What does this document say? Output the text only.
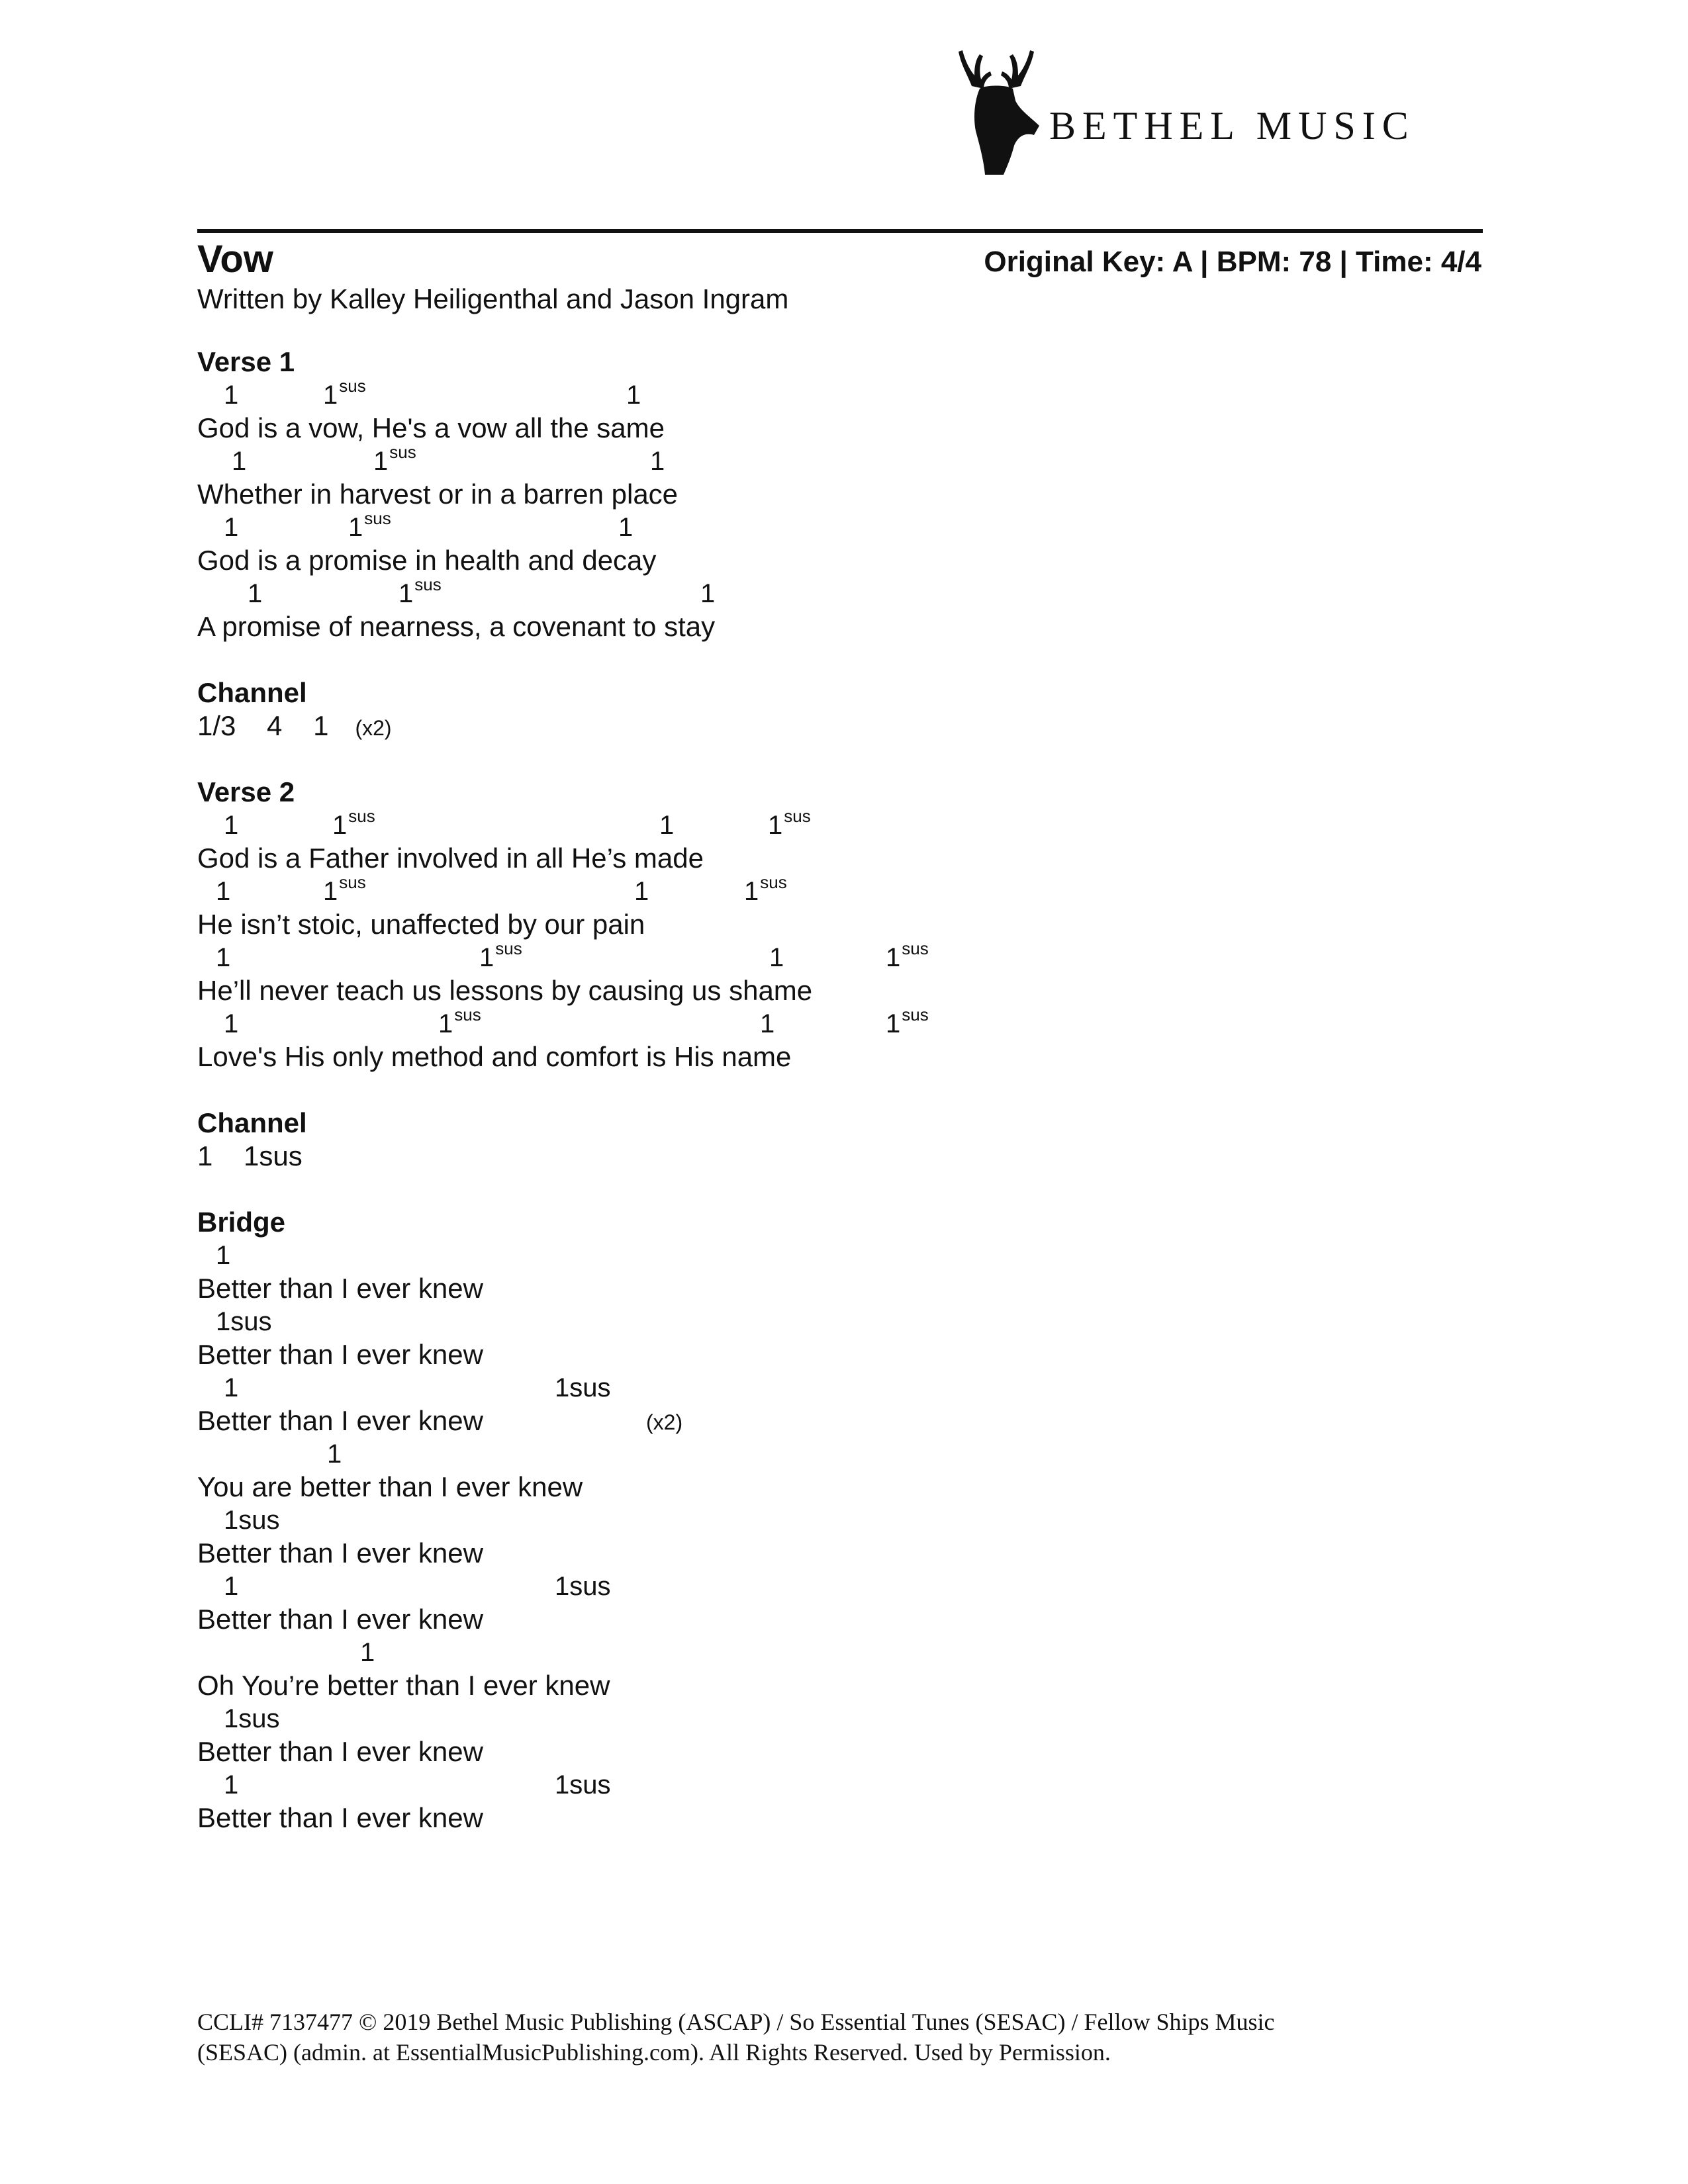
BETHEL MUSIC

Vow	Original Key: A | BPM: 78 | Time: 4/4

Written by Kalley Heiligenthal and Jason Ingram

Verse 1
1	$1^{sus}$	1
God is a vow, He's a vow all the same
1	$1^{sus}$	1
Whether in harvest or in a barren place
1	$1^{sus}$	1
God is a promise in health and decay
1	$1^{sus}$	1
A promise of nearness, a covenant to stay
Channel
1/3    4    1 (x2)
Verse 2
1	$1^{sus}$	1	$1^{sus}$
God is a Father involved in all He’s made
1	$1^{sus}$	1	$1^{sus}$
He isn’t stoic, unaffected by our pain
1	$1^{sus}$	1	$1^{sus}$
He’ll never teach us lessons by causing us shame
1	$1^{sus}$	1	$1^{sus}$
Love's His only method and comfort is His name
Channel
1    1sus
Bridge
1
Better than I ever knew
1sus
Better than I ever knew
1	1sus
Better than I ever knew	(x2)
1
You are better than I ever knew
1sus
Better than I ever knew
1	1sus
Better than I ever knew
1
Oh You’re better than I ever knew
1sus
Better than I ever knew
1	1sus
Better than I ever knew
CCLI# 7137477 © 2019 Bethel Music Publishing (ASCAP) / So Essential Tunes (SESAC) / Fellow Ships Music
(SESAC) (admin. at EssentialMusicPublishing.com). All Rights Reserved. Used by Permission.
